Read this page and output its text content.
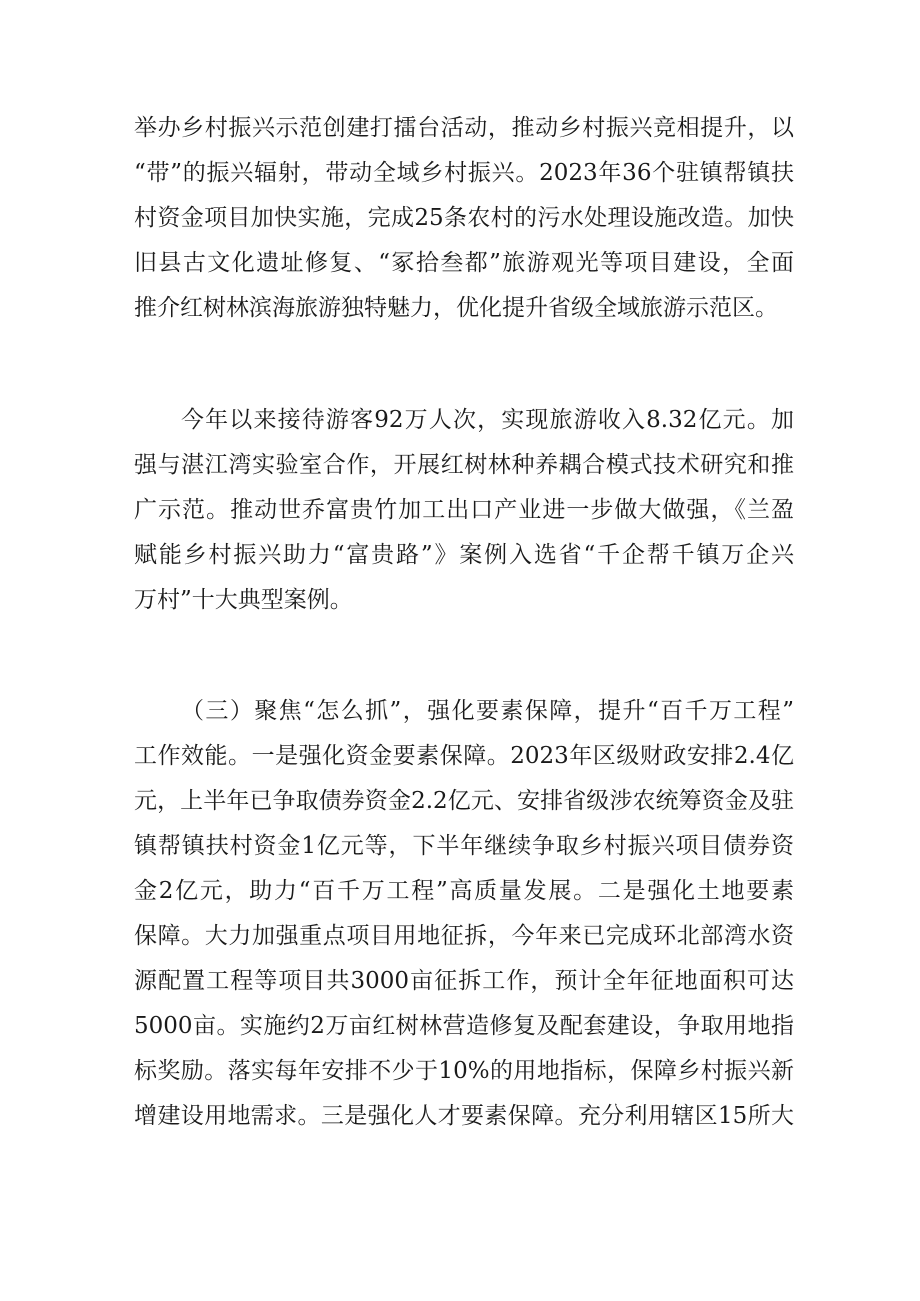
举办乡村振兴示范创建打擂台活动，推动乡村振兴竞相提升，以
“带”的振兴辐射，带动全域乡村振兴。2023年36个驻镇帮镇扶
村资金项目加快实施，完成25条农村的污水处理设施改造。加快
旧县古文化遗址修复、“冢拾叁都”旅游观光等项目建设，全面
推介红树林滨海旅游独特魅力，优化提升省级全域旅游示范区。
今年以来接待游客92万人次，实现旅游收入8.32亿元。加
强与湛江湾实验室合作，开展红树林种养耦合模式技术研究和推
广示范。推动世乔富贵竹加工出口产业进一步做大做强，《兰盈
赋能乡村振兴助力“富贵路”》案例入选省“千企帮千镇万企兴
万村”十大典型案例。
（三）聚焦“怎么抓”，强化要素保障，提升“百千万工程”
工作效能。一是强化资金要素保障。2023年区级财政安排2.4亿
元，上半年已争取债券资金2.2亿元、安排省级涉农统筹资金及驻
镇帮镇扶村资金1亿元等，下半年继续争取乡村振兴项目债券资
金2亿元，助力“百千万工程”高质量发展。二是强化土地要素
保障。大力加强重点项目用地征拆，今年来已完成环北部湾水资
源配置工程等项目共3000亩征拆工作，预计全年征地面积可达
5000亩。实施约2万亩红树林营造修复及配套建设，争取用地指
标奖励。落实每年安排不少于10%的用地指标，保障乡村振兴新
增建设用地需求。三是强化人才要素保障。充分利用辖区15所大
